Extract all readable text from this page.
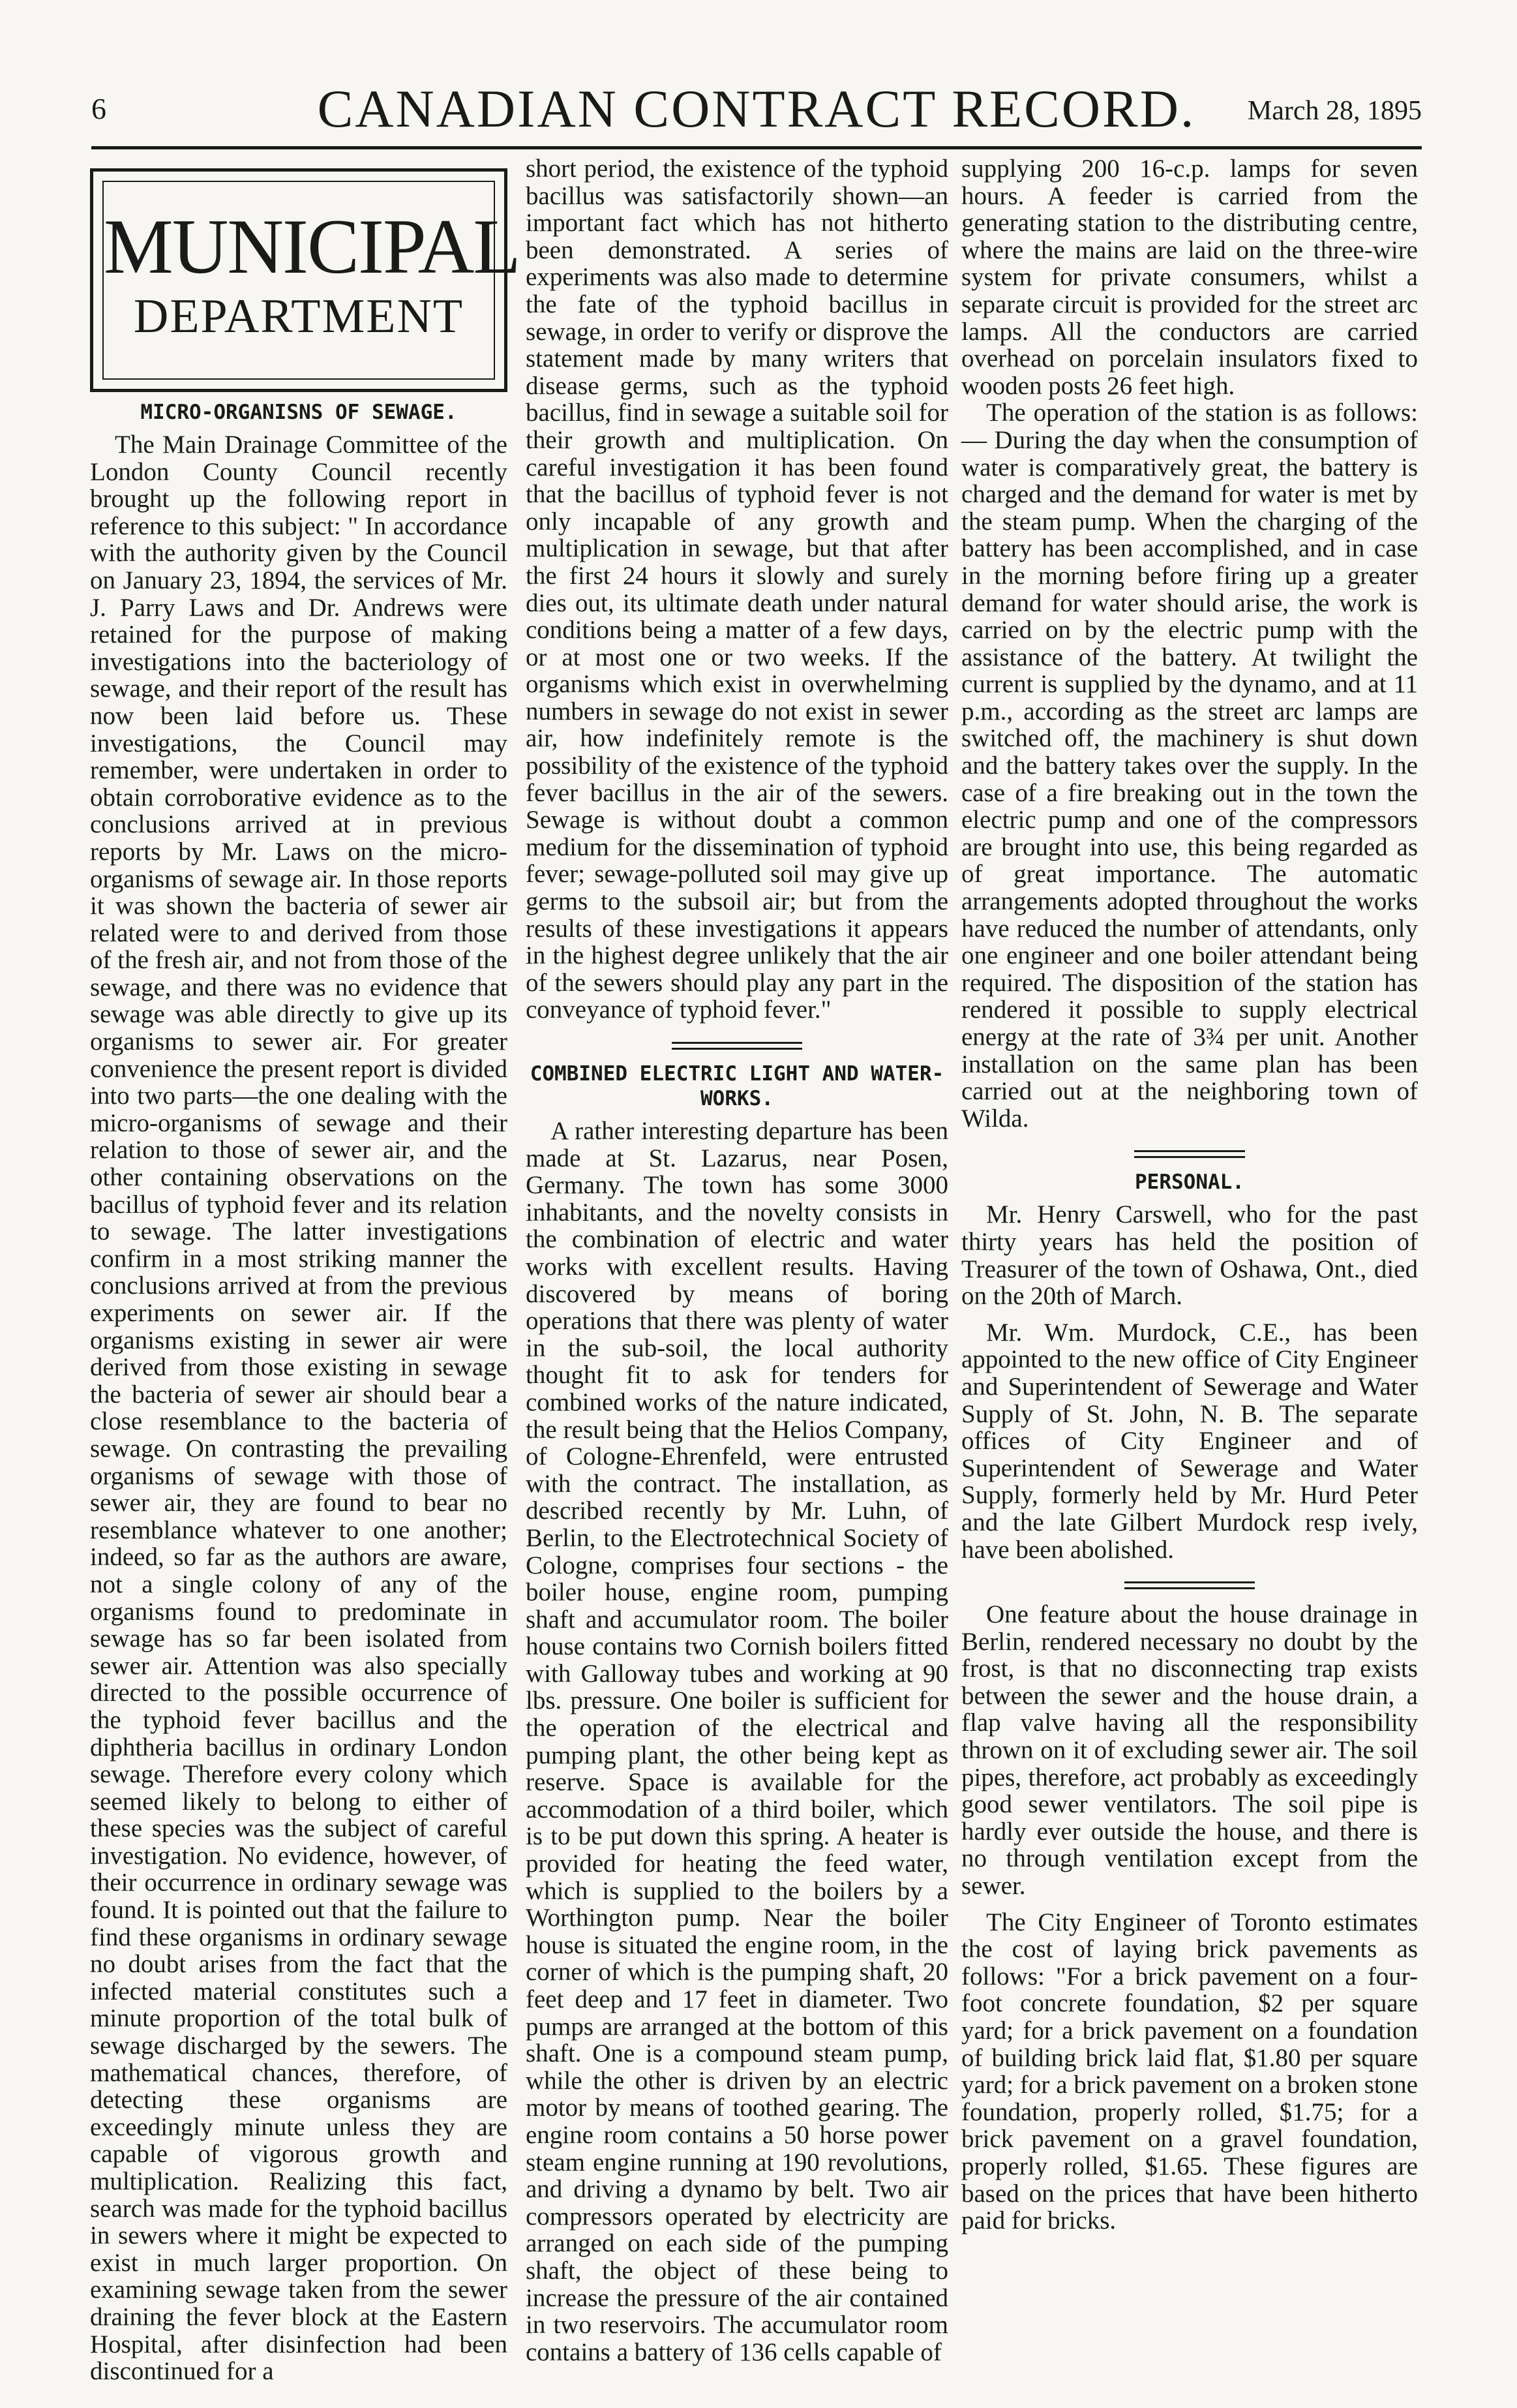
6	CANADIAN CONTRACT RECORD.	March 28, 1895
MUNICIPAL
DEPARTMENT
MICRO-ORGANISNS OF SEWAGE.

The Main Drainage Committee of the London County Council recently brought up the following report in reference to this subject: " In accordance with the authority given by the Council on January 23, 1894, the services of Mr. J. Parry Laws and Dr. Andrews were retained for the purpose of making investigations into the bacteriology of sewage, and their report of the result has now been laid before us. These investigations, the Council may remember, were undertaken in order to obtain corroborative evidence as to the conclusions arrived at in previous reports by Mr. Laws on the micro-organisms of sewage air. In those reports it was shown the bacteria of sewer air related were to and derived from those of the fresh air, and not from those of the sewage, and there was no evidence that sewage was able directly to give up its organisms to sewer air. For greater convenience the present report is divided into two parts—the one dealing with the micro-organisms of sewage and their relation to those of sewer air, and the other containing observations on the bacillus of typhoid fever and its relation to sewage. The latter investigations confirm in a most striking manner the conclusions arrived at from the previous experiments on sewer air. If the organisms existing in sewer air were derived from those existing in sewage the bacteria of sewer air should bear a close resemblance to the bacteria of sewage. On contrasting the prevailing organisms of sewage with those of sewer air, they are found to bear no resemblance whatever to one another; indeed, so far as the authors are aware, not a single colony of any of the organisms found to predominate in sewage has so far been isolated from sewer air. Attention was also specially directed to the possible occurrence of the typhoid fever bacillus and the diphtheria bacillus in ordinary London sewage. Therefore every colony which seemed likely to belong to either of these species was the subject of careful investigation. No evidence, however, of their occurrence in ordinary sewage was found. It is pointed out that the failure to find these organisms in ordinary sewage no doubt arises from the fact that the infected material constitutes such a minute proportion of the total bulk of sewage discharged by the sewers. The mathematical chances, therefore, of detecting these organisms are exceedingly minute unless they are capable of vigorous growth and multiplication. Realizing this fact, search was made for the typhoid bacillus in sewers where it might be expected to exist in much larger proportion. On examining sewage taken from the sewer draining the fever block at the Eastern Hospital, after disinfection had been discontinued for a

short period, the existence of the typhoid bacillus was satisfactorily shown—an important fact which has not hitherto been demonstrated. A series of experiments was also made to determine the fate of the typhoid bacillus in sewage, in order to verify or disprove the statement made by many writers that disease germs, such as the typhoid bacillus, find in sewage a suitable soil for their growth and multiplication. On careful investigation it has been found that the bacillus of typhoid fever is not only incapable of any growth and multiplication in sewage, but that after the first 24 hours it slowly and surely dies out, its ultimate death under natural conditions being a matter of a few days, or at most one or two weeks. If the organisms which exist in overwhelming numbers in sewage do not exist in sewer air, how indefinitely remote is the possibility of the existence of the typhoid fever bacillus in the air of the sewers. Sewage is without doubt a common medium for the dissemination of typhoid fever; sewage-polluted soil may give up germs to the subsoil air; but from the results of these investigations it appears in the highest degree unlikely that the air of the sewers should play any part in the conveyance of typhoid fever."

COMBINED ELECTRIC LIGHT AND WATER-WORKS.

A rather interesting departure has been made at St. Lazarus, near Posen, Germany. The town has some 3000 inhabitants, and the novelty consists in the combination of electric and water works with excellent results. Having discovered by means of boring operations that there was plenty of water in the sub-soil, the local authority thought fit to ask for tenders for combined works of the nature indicated, the result being that the Helios Company, of Cologne-Ehrenfeld, were entrusted with the contract. The installation, as described recently by Mr. Luhn, of Berlin, to the Electrotechnical Society of Cologne, comprises four sections - the boiler house, engine room, pumping shaft and accumulator room. The boiler house contains two Cornish boilers fitted with Galloway tubes and working at 90 lbs. pressure. One boiler is sufficient for the operation of the electrical and pumping plant, the other being kept as reserve. Space is available for the accommodation of a third boiler, which is to be put down this spring. A heater is provided for heating the feed water, which is supplied to the boilers by a Worthington pump. Near the boiler house is situated the engine room, in the corner of which is the pumping shaft, 20 feet deep and 17 feet in diameter. Two pumps are arranged at the bottom of this shaft. One is a compound steam pump, while the other is driven by an electric motor by means of toothed gearing. The engine room contains a 50 horse power steam engine running at 190 revolutions, and driving a dynamo by belt. Two air compressors operated by electricity are arranged on each side of the pumping shaft, the object of these being to increase the pressure of the air contained in two reservoirs. The accumulator room contains a battery of 136 cells capable of

supplying 200 16-c.p. lamps for seven hours. A feeder is carried from the generating station to the distributing centre, where the mains are laid on the three-wire system for private consumers, whilst a separate circuit is provided for the street arc lamps. All the conductors are carried overhead on porcelain insulators fixed to wooden posts 26 feet high.

The operation of the station is as follows:— During the day when the consumption of water is comparatively great, the battery is charged and the demand for water is met by the steam pump. When the charging of the battery has been accomplished, and in case in the morning before firing up a greater demand for water should arise, the work is carried on by the electric pump with the assistance of the battery. At twilight the current is supplied by the dynamo, and at 11 p.m., according as the street arc lamps are switched off, the machinery is shut down and the battery takes over the supply. In the case of a fire breaking out in the town the electric pump and one of the compressors are brought into use, this being regarded as of great importance. The automatic arrangements adopted throughout the works have reduced the number of attendants, only one engineer and one boiler attendant being required. The disposition of the station has rendered it possible to supply electrical energy at the rate of 3¾ per unit. Another installation on the same plan has been carried out at the neighboring town of Wilda.

PERSONAL.

Mr. Henry Carswell, who for the past thirty years has held the position of Treasurer of the town of Oshawa, Ont., died on the 20th of March.

Mr. Wm. Murdock, C.E., has been appointed to the new office of City Engineer and Superintendent of Sewerage and Water Supply of St. John, N. B. The separate offices of City Engineer and of Superintendent of Sewerage and Water Supply, formerly held by Mr. Hurd Peter and the late Gilbert Murdock resp ively, have been abolished.

One feature about the house drainage in Berlin, rendered necessary no doubt by the frost, is that no disconnecting trap exists between the sewer and the house drain, a flap valve having all the responsibility thrown on it of excluding sewer air. The soil pipes, therefore, act probably as exceedingly good sewer ventilators. The soil pipe is hardly ever outside the house, and there is no through ventilation except from the sewer.

The City Engineer of Toronto estimates the cost of laying brick pavements as follows: "For a brick pavement on a four-foot concrete foundation, $2 per square yard; for a brick pavement on a foundation of building brick laid flat, $1.80 per square yard; for a brick pavement on a broken stone foundation, properly rolled, $1.75; for a brick pavement on a gravel foundation, properly rolled, $1.65. These figures are based on the prices that have been hitherto paid for bricks.
